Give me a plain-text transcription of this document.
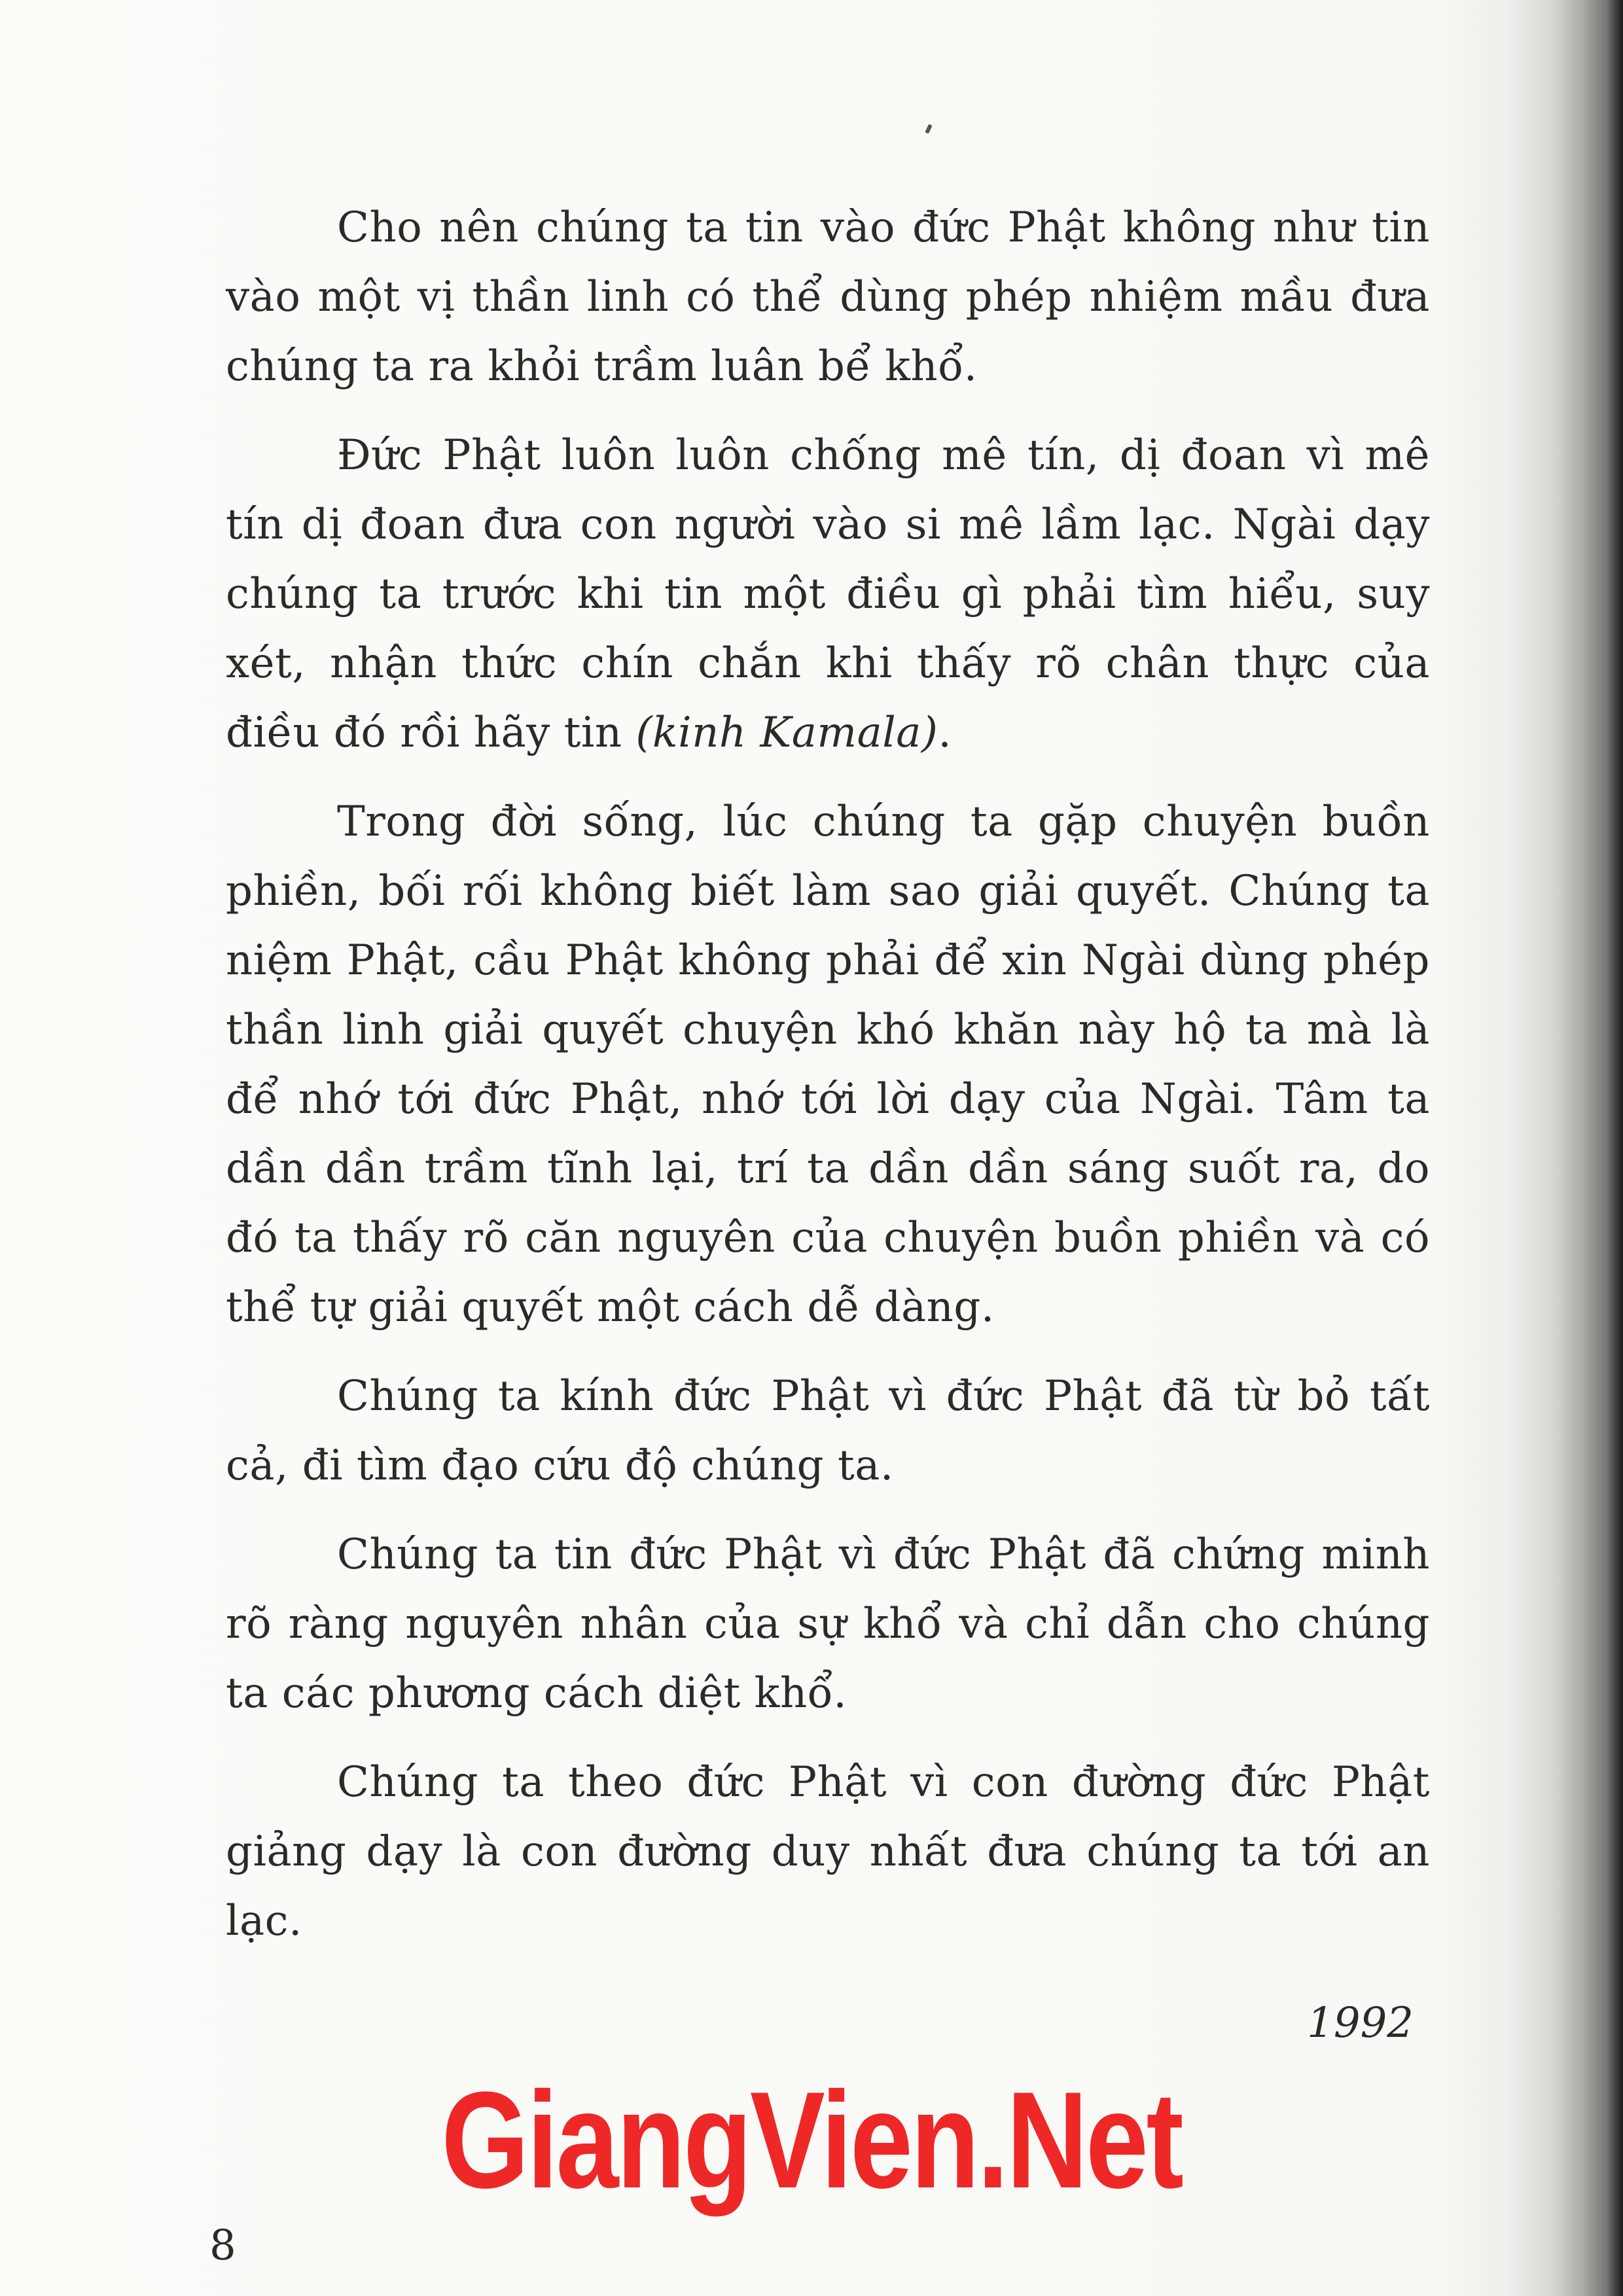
Cho nên chúng ta tin vào đức Phật không như tin vào một vị thần linh có thể dùng phép nhiệm mầu đưa chúng ta ra khỏi trầm luân bể khổ.

Đức Phật luôn luôn chống mê tín, dị đoan vì mê tín dị đoan đưa con người vào si mê lầm lạc. Ngài dạy chúng ta trước khi tin một điều gì phải tìm hiểu, suy xét, nhận thức chín chắn khi thấy rõ chân thực của điều đó rồi hãy tin (kinh Kamala).

Trong đời sống, lúc chúng ta gặp chuyện buồn phiền, bối rối không biết làm sao giải quyết. Chúng ta niệm Phật, cầu Phật không phải để xin Ngài dùng phép thần linh giải quyết chuyện khó khăn này hộ ta mà là để nhớ tới đức Phật, nhớ tới lời dạy của Ngài. Tâm ta dần dần trầm tĩnh lại, trí ta dần dần sáng suốt ra, do đó ta thấy rõ căn nguyên của chuyện buồn phiền và có thể tự giải quyết một cách dễ dàng.

Chúng ta kính đức Phật vì đức Phật đã từ bỏ tất cả, đi tìm đạo cứu độ chúng ta.

Chúng ta tin đức Phật vì đức Phật đã chứng minh rõ ràng nguyên nhân của sự khổ và chỉ dẫn cho chúng ta các phương cách diệt khổ.

Chúng ta theo đức Phật vì con đường đức Phật giảng dạy là con đường duy nhất đưa chúng ta tới an lạc.

1992
GiangVien.Net
8
